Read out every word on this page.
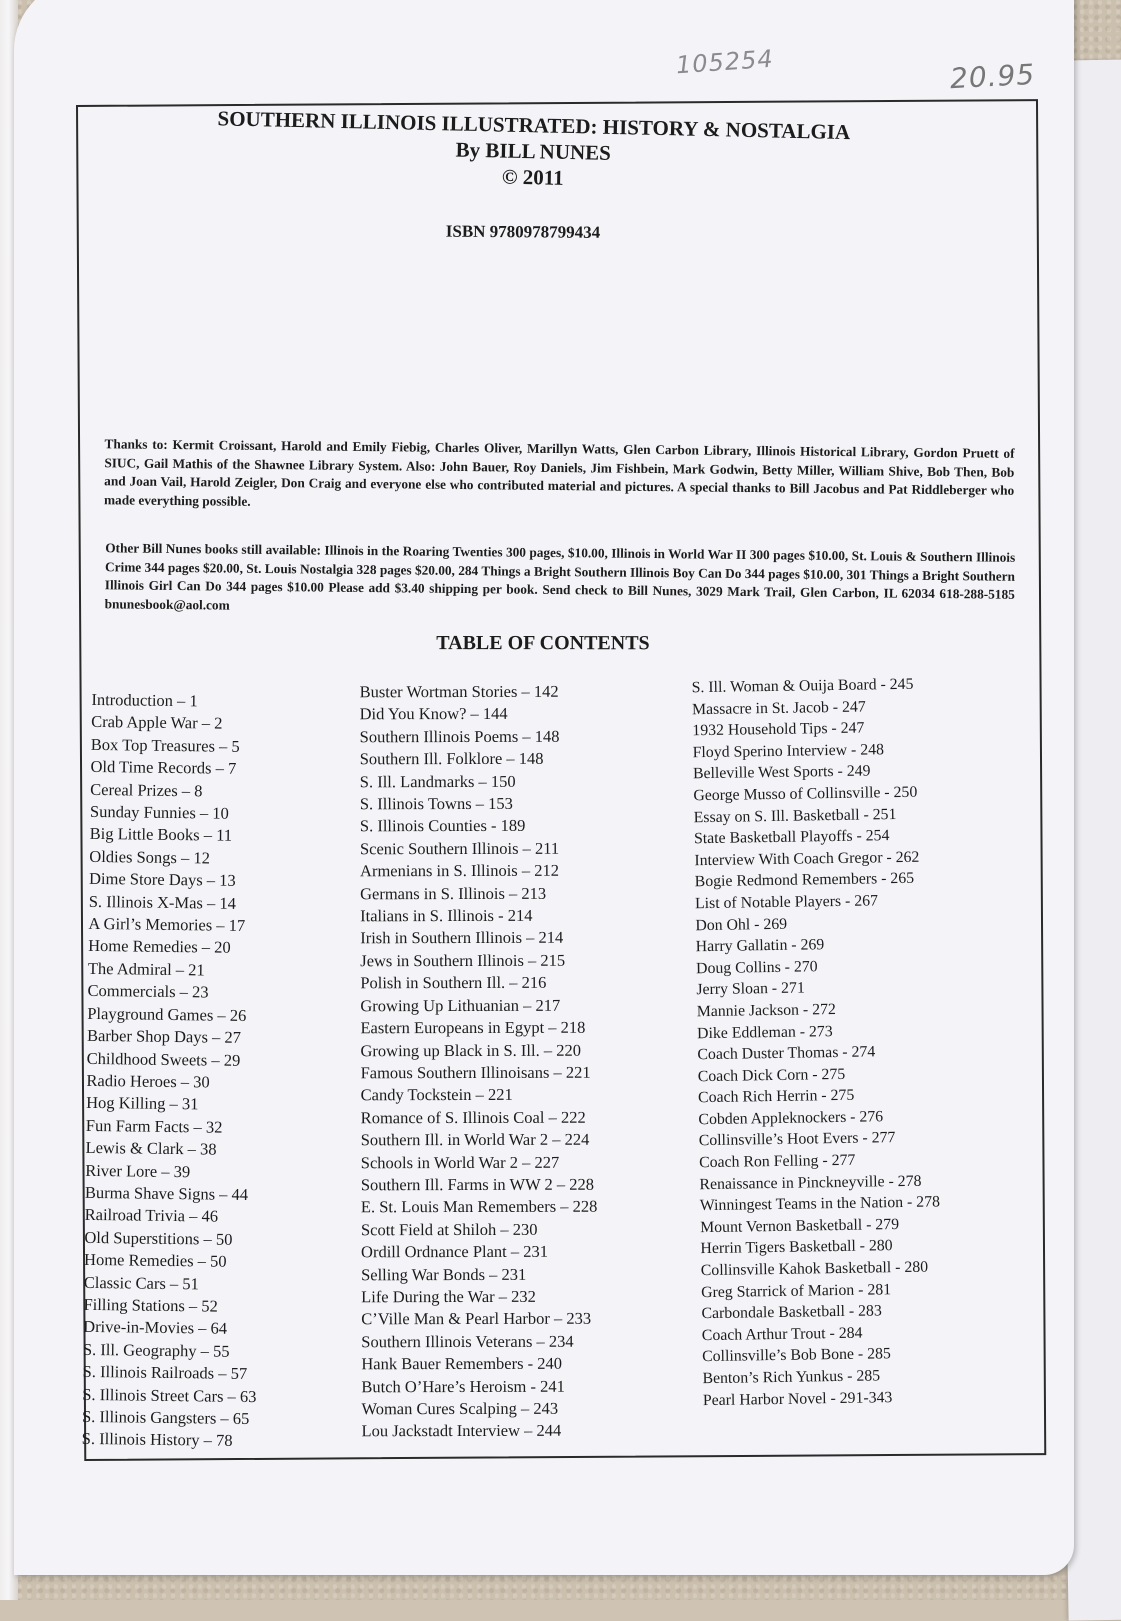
105254	20.95
SOUTHERN ILLINOIS ILLUSTRATED: HISTORY & NOSTALGIA
By BILL NUNES
© 2011
ISBN 9780978799434
Thanks to: Kermit Croissant, Harold and Emily Fiebig, Charles Oliver, Marillyn Watts, Glen Carbon Library, Illinois Historical Library, Gordon Pruett of SIUC, Gail Mathis of the Shawnee Library System. Also: John Bauer, Roy Daniels, Jim Fishbein, Mark Godwin, Betty Miller, William Shive, Bob Then, Bob and Joan Vail, Harold Zeigler, Don Craig and everyone else who contributed material and pictures. A special thanks to Bill Jacobus and Pat Riddleberger who made everything possible.
Other Bill Nunes books still available: Illinois in the Roaring Twenties 300 pages, $10.00, Illinois in World War II 300 pages $10.00, St. Louis & Southern Illinois Crime 344 pages $20.00, St. Louis Nostalgia 328 pages $20.00, 284 Things a Bright Southern Illinois Boy Can Do 344 pages $10.00, 301 Things a Bright Southern Illinois Girl Can Do 344 pages $10.00 Please add $3.40 shipping per book. Send check to Bill Nunes, 3029 Mark Trail, Glen Carbon, IL 62034 618-288-5185 bnunesbook@aol.com
TABLE OF CONTENTS
Introduction – 1
Crab Apple War – 2
Box Top Treasures – 5
Old Time Records – 7
Cereal Prizes – 8
Sunday Funnies – 10
Big Little Books – 11
Oldies Songs – 12
Dime Store Days – 13
S. Illinois X-Mas – 14
A Girl’s Memories – 17
Home Remedies – 20
The Admiral – 21
Commercials – 23
Playground Games – 26
Barber Shop Days – 27
Childhood Sweets – 29
Radio Heroes – 30
Hog Killing – 31
Fun Farm Facts – 32
Lewis & Clark – 38
River Lore – 39
Burma Shave Signs – 44
Railroad Trivia – 46
Old Superstitions – 50
Home Remedies – 50
Classic Cars – 51
Filling Stations – 52
Drive-in-Movies – 64
S. Ill. Geography – 55
S. Illinois Railroads – 57
S. Illinois Street Cars – 63
S. Illinois Gangsters – 65
S. Illinois History – 78
Buster Wortman Stories – 142
Did You Know? – 144
Southern Illinois Poems – 148
Southern Ill. Folklore – 148
S. Ill. Landmarks – 150
S. Illinois Towns – 153
S. Illinois Counties - 189
Scenic Southern Illinois – 211
Armenians in S. Illinois – 212
Germans in S. Illinois – 213
Italians in S. Illinois - 214
Irish in Southern Illinois – 214
Jews in Southern Illinois – 215
Polish in Southern Ill. – 216
Growing Up Lithuanian – 217
Eastern Europeans in Egypt – 218
Growing up Black in S. Ill. – 220
Famous Southern Illinoisans – 221
Candy Tockstein – 221
Romance of S. Illinois Coal – 222
Southern Ill. in World War 2 – 224
Schools in World War 2 – 227
Southern Ill. Farms in WW 2 – 228
E. St. Louis Man Remembers – 228
Scott Field at Shiloh – 230
Ordill Ordnance Plant – 231
Selling War Bonds – 231
Life During the War – 232
C’Ville Man & Pearl Harbor – 233
Southern Illinois Veterans – 234
Hank Bauer Remembers - 240
Butch O’Hare’s Heroism - 241
Woman Cures Scalping – 243
Lou Jackstadt Interview – 244
S. Ill. Woman & Ouija Board - 245
Massacre in St. Jacob - 247
1932 Household Tips - 247
Floyd Sperino Interview - 248
Belleville West Sports - 249
George Musso of Collinsville - 250
Essay on S. Ill. Basketball - 251
State Basketball Playoffs - 254
Interview With Coach Gregor - 262
Bogie Redmond Remembers - 265
List of Notable Players - 267
Don Ohl - 269
Harry Gallatin - 269
Doug Collins - 270
Jerry Sloan - 271
Mannie Jackson - 272
Dike Eddleman - 273
Coach Duster Thomas - 274
Coach Dick Corn - 275
Coach Rich Herrin - 275
Cobden Appleknockers - 276
Collinsville’s Hoot Evers - 277
Coach Ron Felling - 277
Renaissance in Pinckneyville - 278
Winningest Teams in the Nation - 278
Mount Vernon Basketball - 279
Herrin Tigers Basketball - 280
Collinsville Kahok Basketball - 280
Greg Starrick of Marion - 281
Carbondale Basketball - 283
Coach Arthur Trout - 284
Collinsville’s Bob Bone - 285
Benton’s Rich Yunkus - 285
Pearl Harbor Novel - 291-343
